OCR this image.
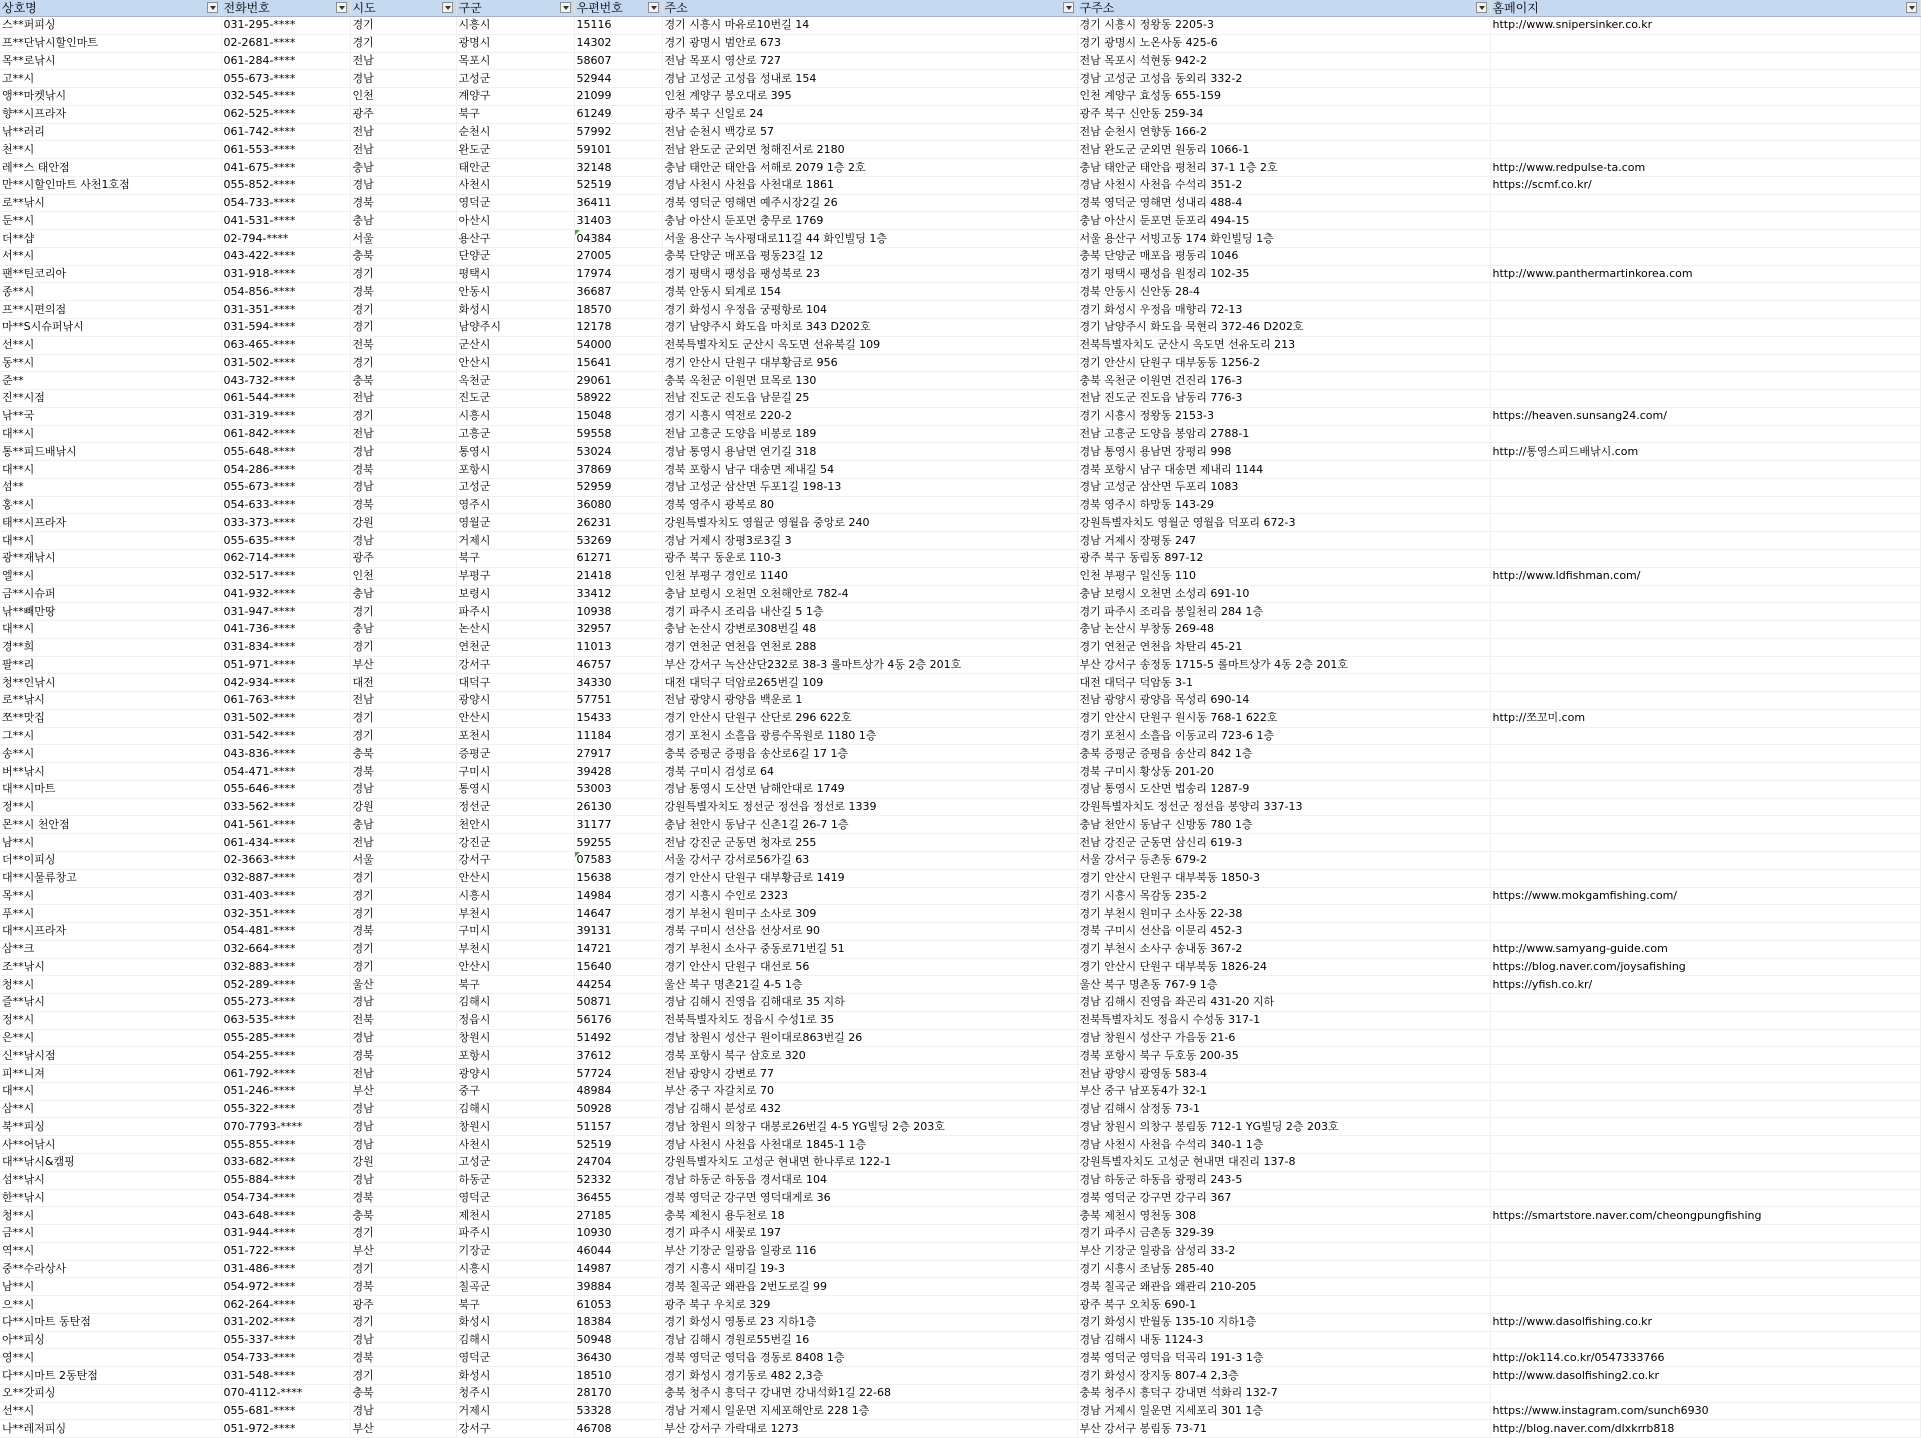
상호명	전화번호	시도	구군	우편번호	주소	구주소	홈페이지

스**퍼피싱	031-295-****	경기	시흥시	15116	경기 시흥시 마유로10번길 14	경기 시흥시 정왕동 2205-3	http://www.snipersinker.co.kr
프**단낚시할인마트	02-2681-****	경기	광명시	14302	경기 광명시 범안로 673	경기 광명시 노온사동 425-6	
목**로낚시	061-284-****	전남	목포시	58607	전남 목포시 영산로 727	전남 목포시 석현동 942-2	
고**시	055-673-****	경남	고성군	52944	경남 고성군 고성읍 성내로 154	경남 고성군 고성읍 동외리 332-2	
앵**마켓낚시	032-545-****	인천	계양구	21099	인천 계양구 봉오대로 395	인천 계양구 효성동 655-159	
향**시프라자	062-525-****	광주	북구	61249	광주 북구 신일로 24	광주 북구 신안동 259-34	
낚**러리	061-742-****	전남	순천시	57992	전남 순천시 백강로 57	전남 순천시 연향동 166-2	
천**시	061-553-****	전남	완도군	59101	전남 완도군 군외면 청해진서로 2180	전남 완도군 군외면 원동리 1066-1	
레**스 태안점	041-675-****	충남	태안군	32148	충남 태안군 태안읍 서해로 2079 1층 2호	충남 태안군 태안읍 평천리 37-1 1층 2호	http://www.redpulse-ta.com
만**시할인마트 사천1호점	055-852-****	경남	사천시	52519	경남 사천시 사천읍 사천대로 1861	경남 사천시 사천읍 수석리 351-2	https://scmf.co.kr/
로**낚시	054-733-****	경북	영덕군	36411	경북 영덕군 영해면 예주시장2길 26	경북 영덕군 영해면 성내리 488-4	
둔**시	041-531-****	충남	아산시	31403	충남 아산시 둔포면 충무로 1769	충남 아산시 둔포면 둔포리 494-15	
더**샵	02-794-****	서울	용산구	04384	서울 용산구 녹사평대로11길 44 화인빌딩 1층	서울 용산구 서빙고동 174 화인빌딩 1층	
서**시	043-422-****	충북	단양군	27005	충북 단양군 매포읍 평동23길 12	충북 단양군 매포읍 평동리 1046	
팬**틴코리아	031-918-****	경기	평택시	17974	경기 평택시 팽성읍 팽성북로 23	경기 평택시 팽성읍 원정리 102-35	http://www.panthermartinkorea.com
종**시	054-856-****	경북	안동시	36687	경북 안동시 퇴계로 154	경북 안동시 신안동 28-4	
프**시편의점	031-351-****	경기	화성시	18570	경기 화성시 우정읍 궁평항로 104	경기 화성시 우정읍 매향리 72-13	
마**S시슈퍼낚시	031-594-****	경기	남양주시	12178	경기 남양주시 화도읍 마치로 343 D202호	경기 남양주시 화도읍 묵현리 372-46 D202호	
선**시	063-465-****	전북	군산시	54000	전북특별자치도 군산시 옥도면 선유북길 109	전북특별자치도 군산시 옥도면 선유도리 213	
동**시	031-502-****	경기	안산시	15641	경기 안산시 단원구 대부황금로 956	경기 안산시 단원구 대부동동 1256-2	
준**	043-732-****	충북	옥천군	29061	충북 옥천군 이원면 묘목로 130	충북 옥천군 이원면 건진리 176-3	
진**시점	061-544-****	전남	진도군	58922	전남 진도군 진도읍 남문길 25	전남 진도군 진도읍 남동리 776-3	
낚**국	031-319-****	경기	시흥시	15048	경기 시흥시 역전로 220-2	경기 시흥시 정왕동 2153-3	https://heaven.sunsang24.com/
대**시	061-842-****	전남	고흥군	59558	전남 고흥군 도양읍 비봉로 189	전남 고흥군 도양읍 봉암리 2788-1	
통**피드배낚시	055-648-****	경남	통영시	53024	경남 통영시 용남면 연기길 318	경남 통영시 용남면 장평리 998	http://통영스피드배낚시.com
대**시	054-286-****	경북	포항시	37869	경북 포항시 남구 대송면 제내길 54	경북 포항시 남구 대송면 제내리 1144	
섬**	055-673-****	경남	고성군	52959	경남 고성군 삼산면 두포1길 198-13	경남 고성군 삼산면 두포리 1083	
홍**시	054-633-****	경북	영주시	36080	경북 영주시 광복로 80	경북 영주시 하망동 143-29	
태**시프라자	033-373-****	강원	영월군	26231	강원특별자치도 영월군 영월읍 중앙로 240	강원특별자치도 영월군 영월읍 덕포리 672-3	
대**시	055-635-****	경남	거제시	53269	경남 거제시 장평3로3길 3	경남 거제시 장평동 247	
광**재낚시	062-714-****	광주	북구	61271	광주 북구 동운로 110-3	광주 북구 동림동 897-12	
엘**시	032-517-****	인천	부평구	21418	인천 부평구 경인로 1140	인천 부평구 일신동 110	http://www.ldfishman.com/
금**시슈퍼	041-932-****	충남	보령시	33412	충남 보령시 오천면 오천해안로 782-4	충남 보령시 오천면 소성리 691-10	
낚**빼만땅	031-947-****	경기	파주시	10938	경기 파주시 조리읍 내산길 5 1층	경기 파주시 조리읍 봉일천리 284 1층	
대**시	041-736-****	충남	논산시	32957	충남 논산시 강변로308번길 48	충남 논산시 부창동 269-48	
경**희	031-834-****	경기	연천군	11013	경기 연천군 연천읍 연천로 288	경기 연천군 연천읍 차탄리 45-21	
팔**리	051-971-****	부산	강서구	46757	부산 강서구 녹산산단232로 38-3 롤마트상가 4동 2층 201호	부산 강서구 송정동 1715-5 롤마트상가 4동 2층 201호	
청**인낚시	042-934-****	대전	대덕구	34330	대전 대덕구 덕암로265번길 109	대전 대덕구 덕암동 3-1	
로**낚시	061-763-****	전남	광양시	57751	전남 광양시 광양읍 백운로 1	전남 광양시 광양읍 목성리 690-14	
쪼**맛집	031-502-****	경기	안산시	15433	경기 안산시 단원구 산단로 296 622호	경기 안산시 단원구 원시동 768-1 622호	http://쪼꼬미.com
그**시	031-542-****	경기	포천시	11184	경기 포천시 소흘읍 광릉수목원로 1180 1층	경기 포천시 소흘읍 이동교리 723-6 1층	
송**시	043-836-****	충북	증평군	27917	충북 증평군 증평읍 송산로6길 17 1층	충북 증평군 증평읍 송산리 842 1층	
버**낚시	054-471-****	경북	구미시	39428	경북 구미시 검성로 64	경북 구미시 황상동 201-20	
대**시마트	055-646-****	경남	통영시	53003	경남 통영시 도산면 남해안대로 1749	경남 통영시 도산면 법송리 1287-9	
정**시	033-562-****	강원	정선군	26130	강원특별자치도 정선군 정선읍 정선로 1339	강원특별자치도 정선군 정선읍 봉양리 337-13	
몬**시 천안점	041-561-****	충남	천안시	31177	충남 천안시 동남구 신촌1길 26-7 1층	충남 천안시 동남구 신방동 780 1층	
남**시	061-434-****	전남	강진군	59255	전남 강진군 군동면 청자로 255	전남 강진군 군동면 삼신리 619-3	
더**이피싱	02-3663-****	서울	강서구	07583	서울 강서구 강서로56가길 63	서울 강서구 등촌동 679-2	
대**시물류창고	032-887-****	경기	안산시	15638	경기 안산시 단원구 대부황금로 1419	경기 안산시 단원구 대부북동 1850-3	
목**시	031-403-****	경기	시흥시	14984	경기 시흥시 수인로 2323	경기 시흥시 목감동 235-2	https://www.mokgamfishing.com/
푸**시	032-351-****	경기	부천시	14647	경기 부천시 원미구 소사로 309	경기 부천시 원미구 소사동 22-38	
대**시프라자	054-481-****	경북	구미시	39131	경북 구미시 선산읍 선상서로 90	경북 구미시 선산읍 이문리 452-3	
삼**크	032-664-****	경기	부천시	14721	경기 부천시 소사구 중동로71번길 51	경기 부천시 소사구 송내동 367-2	http://www.samyang-guide.com
조**낚시	032-883-****	경기	안산시	15640	경기 안산시 단원구 대선로 56	경기 안산시 단원구 대부북동 1826-24	https://blog.naver.com/joysafishing
청**시	052-289-****	울산	북구	44254	울산 북구 명촌21길 4-5 1층	울산 북구 명촌동 767-9 1층	https://yfish.co.kr/
즐**낚시	055-273-****	경남	김해시	50871	경남 김해시 진영읍 김해대로 35 지하	경남 김해시 진영읍 좌곤리 431-20 지하	
정**시	063-535-****	전북	정읍시	56176	전북특별자치도 정읍시 수성1로 35	전북특별자치도 정읍시 수성동 317-1	
은**시	055-285-****	경남	창원시	51492	경남 창원시 성산구 원이대로863번길 26	경남 창원시 성산구 가음동 21-6	
신**낚시점	054-255-****	경북	포항시	37612	경북 포항시 북구 삼호로 320	경북 포항시 북구 두호동 200-35	
피**니져	061-792-****	전남	광양시	57724	전남 광양시 강변로 77	전남 광양시 광영동 583-4	
대**시	051-246-****	부산	중구	48984	부산 중구 자갈치로 70	부산 중구 남포동4가 32-1	
삼**시	055-322-****	경남	김해시	50928	경남 김해시 분성로 432	경남 김해시 삼정동 73-1	
북**피싱	070-7793-****	경남	창원시	51157	경남 창원시 의창구 대봉로26번길 4-5 YG빌딩 2층 203호	경남 창원시 의창구 봉림동 712-1 YG빌딩 2층 203호	
사**어낚시	055-855-****	경남	사천시	52519	경남 사천시 사천읍 사천대로 1845-1 1층	경남 사천시 사천읍 수석리 340-1 1층	
대**낚시&캠핑	033-682-****	강원	고성군	24704	강원특별자치도 고성군 현내면 한나루로 122-1	강원특별자치도 고성군 현내면 대진리 137-8	
섬**낚시	055-884-****	경남	하동군	52332	경남 하동군 하동읍 경서대로 104	경남 하동군 하동읍 광평리 243-5	
한**낚시	054-734-****	경북	영덕군	36455	경북 영덕군 강구면 영덕대게로 36	경북 영덕군 강구면 강구리 367	
청**시	043-648-****	충북	제천시	27185	충북 제천시 용두천로 18	충북 제천시 영천동 308	https://smartstore.naver.com/cheongpungfishing
금**시	031-944-****	경기	파주시	10930	경기 파주시 새꽃로 197	경기 파주시 금촌동 329-39	
역**시	051-722-****	부산	기장군	46044	부산 기장군 일광읍 일광로 116	부산 기장군 일광읍 삼성리 33-2	
중**수라상사	031-486-****	경기	시흥시	14987	경기 시흥시 새미길 19-3	경기 시흥시 조남동 285-40	
남**시	054-972-****	경북	칠곡군	39884	경북 칠곡군 왜관읍 2번도로길 99	경북 칠곡군 왜관읍 왜관리 210-205	
으**시	062-264-****	광주	북구	61053	광주 북구 우치로 329	광주 북구 오치동 690-1	
다**시마트 동탄점	031-202-****	경기	화성시	18384	경기 화성시 영통로 23 지하1층	경기 화성시 반월동 135-10 지하1층	http://www.dasolfishing.co.kr
아**피싱	055-337-****	경남	김해시	50948	경남 김해시 경원로55번길 16	경남 김해시 내동 1124-3	
영**시	054-733-****	경북	영덕군	36430	경북 영덕군 영덕읍 경동로 8408 1층	경북 영덕군 영덕읍 덕곡리 191-3 1층	http://ok114.co.kr/0547333766
다**시마트 2동탄점	031-548-****	경기	화성시	18510	경기 화성시 경기동로 482 2,3층	경기 화성시 장지동 807-4 2,3층	http://www.dasolfishing2.co.kr
오**갓피싱	070-4112-****	충북	청주시	28170	충북 청주시 흥덕구 강내면 강내석화1길 22-68	충북 청주시 흥덕구 강내면 석화리 132-7	
선**시	055-681-****	경남	거제시	53328	경남 거제시 일운면 지세포해안로 228 1층	경남 거제시 일운면 지세포리 301 1층	https://www.instagram.com/sunch6930
나**레저피싱	051-972-****	부산	강서구	46708	부산 강서구 가락대로 1273	부산 강서구 봉림동 73-71	http://blog.naver.com/dlxkrrb818
